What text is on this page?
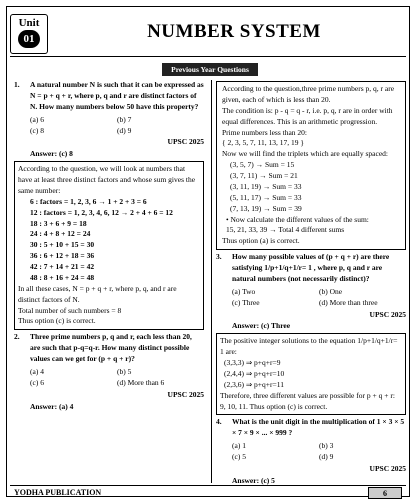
Unit
01	NUMBER SYSTEM
Previous Year Questions
1.	A natural number N is such that it can be expressed as N = p + q + r, where p, q and r are distinct factors of N. How many numbers below 50 have this property?
(a) 6	(b) 7
(c) 8	(d) 9
UPSC 2025
Answer: (c) 8
According to the question, we will look at numbers that have at least three distinct factors and whose sum gives the same number:
6 : factors = 1, 2, 3, 6 → 1 + 2 + 3 = 6
12 : factors = 1, 2, 3, 4, 6, 12 → 2 + 4 + 6 = 12
18 : 3 + 6 + 9 = 18
24 : 4 + 8 + 12 = 24
30 : 5 + 10 + 15 = 30
36 : 6 + 12 + 18 = 36
42 : 7 + 14 + 21 = 42
48 : 8 + 16 + 24 = 48
In all these cases, N = p + q + r, where p, q, and r are distinct factors of N.
Total number of such numbers = 8
Thus option (c) is correct.
2.	Three prime numbers p, q and r, each less than 20, are such that p-q=q-r. How many distinct possible values can we get for (p + q + r)?
(a) 4	(b) 5
(c) 6	(d) More than 6
UPSC 2025
Answer: (a) 4
According to the question,three prime numbers p, q, r are given, each of which is less than 20.
The condition is: p - q = q - r, i.e. p, q, r are in order with equal differences. This is an arithmetic progression.
Prime numbers less than 20:
{ 2, 3, 5, 7, 11, 13, 17, 19 }
Now we will find the triplets which are equally spaced:
(3, 5, 7) → Sum = 15
(3, 7, 11) → Sum = 21
(3, 11, 19) → Sum = 33
(5, 11, 17) → Sum = 33
(7, 13, 19) → Sum = 39
• Now calculate the different values of the sum:
15, 21, 33, 39 → Total 4 different sums
Thus option (a) is correct.
3.	How many possible values of (p + q + r) are there satisfying 1/p+1/q+1/r= 1 , where p, q and r are natural numbers (not necessarily distinct)?
(a) Two	(b) One
(c) Three	(d) More than three
UPSC 2025
Answer: (c) Three
The positive integer solutions to the equation 1/p+1/q+1/r= 1 are:
(3,3,3) ⇒ p+q+r=9
(2,4,4) ⇒ p+q+r=10
(2,3,6) ⇒ p+q+r=11
Therefore, three different values are possible for p + q + r: 9, 10, 11. Thus option (c) is correct.
4.	What is the unit digit in the multiplication of 1 × 3 × 5 × 7 × 9 × ... × 999 ?
(a) 1	(b) 3
(c) 5	(d) 9
UPSC 2025
Answer: (c) 5
YODHA PUBLICATION	6
